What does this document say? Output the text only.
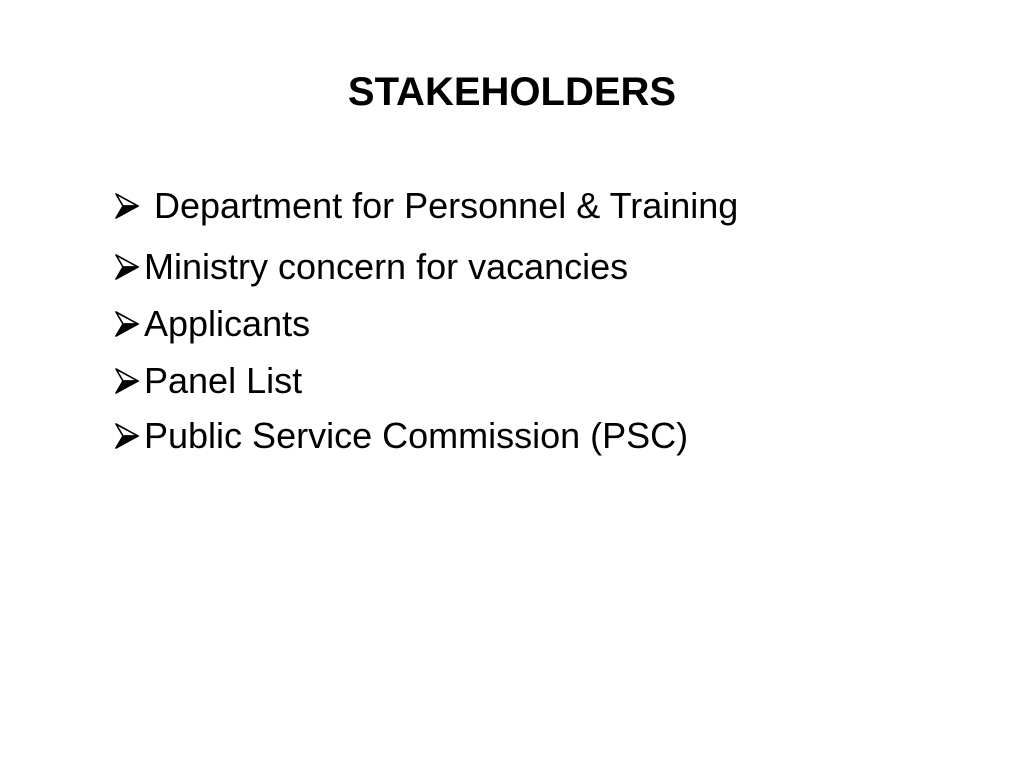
STAKEHOLDERS
Department for Personnel & Training
Ministry concern for vacancies
Applicants
Panel List
Public Service Commission (PSC)
